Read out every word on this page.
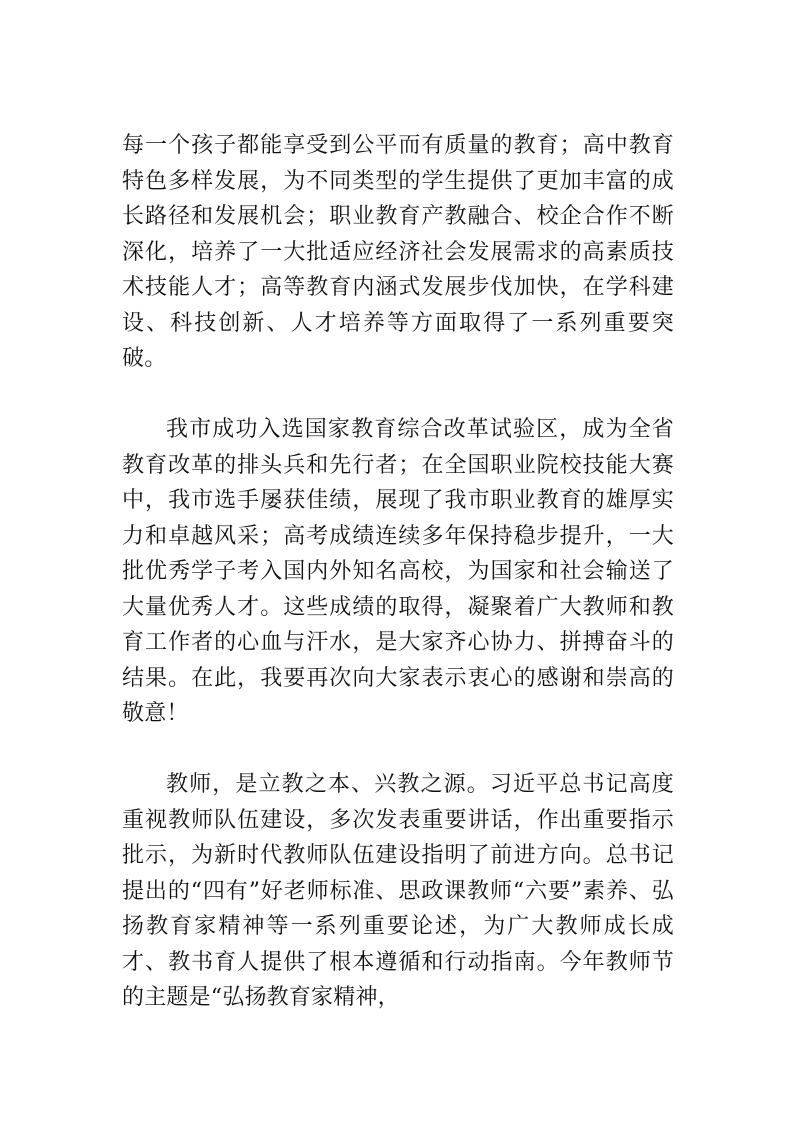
每一个孩子都能享受到公平而有质量的教育；高中教育特色多样发展，为不同类型的学生提供了更加丰富的成长路径和发展机会；职业教育产教融合、校企合作不断深化，培养了一大批适应经济社会发展需求的高素质技术技能人才；高等教育内涵式发展步伐加快，在学科建设、科技创新、人才培养等方面取得了一系列重要突破。

我市成功入选国家教育综合改革试验区，成为全省教育改革的排头兵和先行者；在全国职业院校技能大赛中，我市选手屡获佳绩，展现了我市职业教育的雄厚实力和卓越风采；高考成绩连续多年保持稳步提升，一大批优秀学子考入国内外知名高校，为国家和社会输送了大量优秀人才。这些成绩的取得，凝聚着广大教师和教育工作者的心血与汗水，是大家齐心协力、拼搏奋斗的结果。在此，我要再次向大家表示衷心的感谢和崇高的敬意！

教师，是立教之本、兴教之源。习近平总书记高度重视教师队伍建设，多次发表重要讲话，作出重要指示批示，为新时代教师队伍建设指明了前进方向。总书记提出的“四有”好老师标准、思政课教师“六要”素养、弘扬教育家精神等一系列重要论述，为广大教师成长成才、教书育人提供了根本遵循和行动指南。今年教师节的主题是“弘扬教育家精神，
